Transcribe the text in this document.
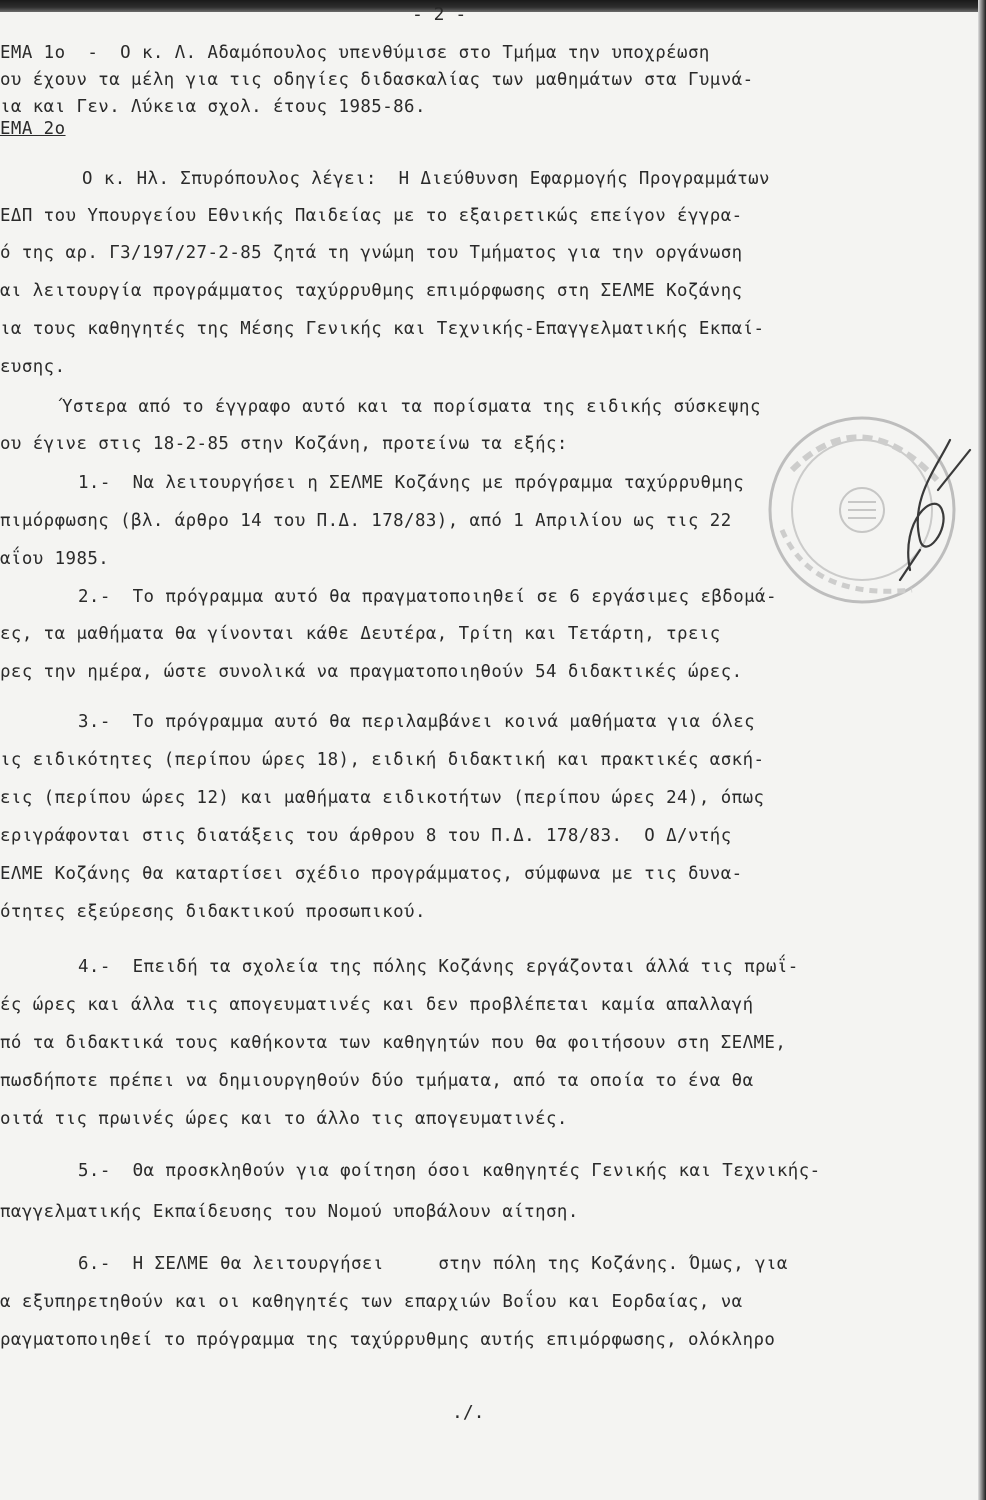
- 2 -
ΕΜΑ 1ο  -  Ο κ. Λ. Αδαμόπουλος υπενθύμισε στο Τμήμα την υποχρέωση
ου έχουν τα μέλη για τις οδηγίες διδασκαλίας των μαθημάτων στα Γυμνά-
ια και Γεν. Λύκεια σχολ. έτους 1985-86.
ΕΜΑ 2ο
Ο κ. Ηλ. Σπυρόπουλος λέγει:  Η Διεύθυνση Εφαρμογής Προγραμμάτων
ΕΔΠ του Υπουργείου Εθνικής Παιδείας με το εξαιρετικώς επείγον έγγρα-
ό της αρ. Γ3/197/27-2-85 ζητά τη γνώμη του Τμήματος για την οργάνωση
αι λειτουργία προγράμματος ταχύρρυθμης επιμόρφωσης στη ΣΕΛΜΕ Κοζάνης
ια τους καθηγητές της Μέσης Γενικής και Τεχνικής-Επαγγελματικής Εκπαί-
ευσης.
Ύστερα από το έγγραφο αυτό και τα πορίσματα της ειδικής σύσκεψης
ου έγινε στις 18-2-85 στην Κοζάνη, προτείνω τα εξής:
1.-  Να λειτουργήσει η ΣΕΛΜΕ Κοζάνης με πρόγραμμα ταχύρρυθμης
πιμόρφωσης (βλ. άρθρο 14 του Π.Δ. 178/83), από 1 Απριλίου ως τις 22
αΐου 1985.
2.-  Το πρόγραμμα αυτό θα πραγματοποιηθεί σε 6 εργάσιμες εβδομά-
ες, τα μαθήματα θα γίνονται κάθε Δευτέρα, Τρίτη και Τετάρτη, τρεις
ρες την ημέρα, ώστε συνολικά να πραγματοποιηθούν 54 διδακτικές ώρες.
3.-  Το πρόγραμμα αυτό θα περιλαμβάνει κοινά μαθήματα για όλες
ις ειδικότητες (περίπου ώρες 18), ειδική διδακτική και πρακτικές ασκή-
εις (περίπου ώρες 12) και μαθήματα ειδικοτήτων (περίπου ώρες 24), όπως
εριγράφονται στις διατάξεις του άρθρου 8 του Π.Δ. 178/83.  Ο Δ/ντής
ΕΛΜΕ Κοζάνης θα καταρτίσει σχέδιο προγράμματος, σύμφωνα με τις δυνα-
ότητες εξεύρεσης διδακτικού προσωπικού.
4.-  Επειδή τα σχολεία της πόλης Κοζάνης εργάζονται άλλά τις πρωΐ-
ές ώρες και άλλα τις απογευματινές και δεν προβλέπεται καμία απαλλαγή
πό τα διδακτικά τους καθήκοντα των καθηγητών που θα φοιτήσουν στη ΣΕΛΜΕ,
πωσδήποτε πρέπει να δημιουργηθούν δύο τμήματα, από τα οποία το ένα θα
οιτά τις πρωινές ώρες και το άλλο τις απογευματινές.
5.-  Θα προσκληθούν για φοίτηση όσοι καθηγητές Γενικής και Τεχνικής-
παγγελματικής Εκπαίδευσης του Νομού υποβάλουν αίτηση.
6.-  Η ΣΕΛΜΕ θα λειτουργήσει     στην πόλη της Κοζάνης. Όμως, για
α εξυπηρετηθούν και οι καθηγητές των επαρχιών Βοΐου και Εορδαίας, να
ραγματοποιηθεί το πρόγραμμα της ταχύρρυθμης αυτής επιμόρφωσης, ολόκληρο
./.
